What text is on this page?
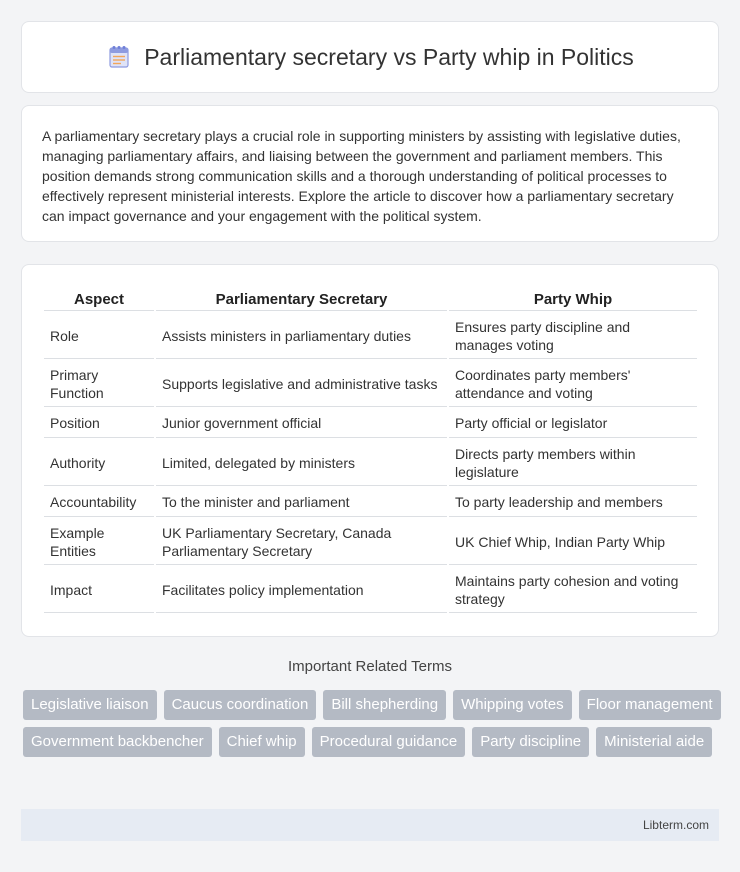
Parliamentary secretary vs Party whip in Politics

A parliamentary secretary plays a crucial role in supporting ministers by assisting with legislative duties, managing parliamentary affairs, and liaising between the government and parliament members. This position demands strong communication skills and a thorough understanding of political processes to effectively represent ministerial interests. Explore the article to discover how a parliamentary secretary can impact governance and your engagement with the political system.

Aspect	Parliamentary Secretary	Party Whip
Role	Assists ministers in parliamentary duties	Ensures party discipline and manages voting
Primary Function	Supports legislative and administrative tasks	Coordinates party members' attendance and voting
Position	Junior government official	Party official or legislator
Authority	Limited, delegated by ministers	Directs party members within legislature
Accountability	To the minister and parliament	To party leadership and members
Example Entities	UK Parliamentary Secretary, Canada Parliamentary Secretary	UK Chief Whip, Indian Party Whip
Impact	Facilitates policy implementation	Maintains party cohesion and voting strategy
Important Related Terms
Legislative liaison	Caucus coordination	Bill shepherding	Whipping votes	Floor management
Government backbencher	Chief whip	Procedural guidance	Party discipline	Ministerial aide
Libterm.com
